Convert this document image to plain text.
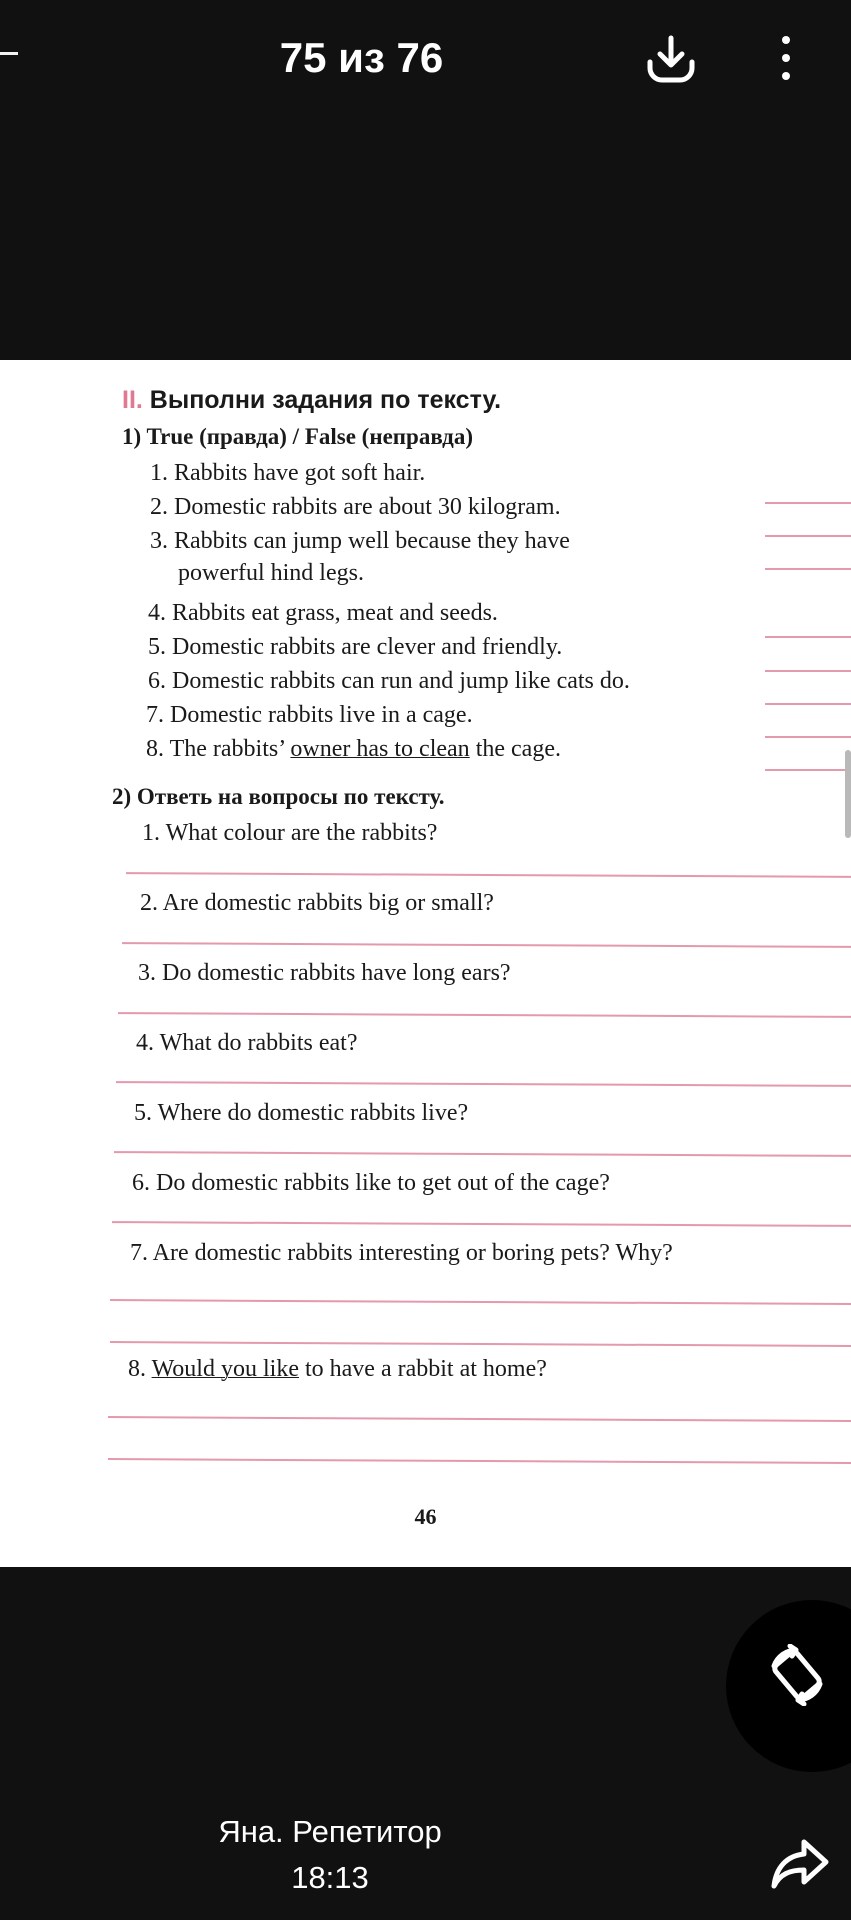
75 из 76
II. Выполни задания по тексту.
1) True (правда) / False (неправда)
1. Rabbits have got soft hair.
2. Domestic rabbits are about 30 kilogram.
3. Rabbits can jump well because they have
powerful hind legs.
4. Rabbits eat grass, meat and seeds.
5. Domestic rabbits are clever and friendly.
6. Domestic rabbits can run and jump like cats do.
7. Domestic rabbits live in a cage.
8. The rabbits’ owner has to clean the cage.
2) Ответь на вопросы по тексту.
1. What colour are the rabbits?
2. Are domestic rabbits big or small?
3. Do domestic rabbits have long ears?
4. What do rabbits eat?
5. Where do domestic rabbits live?
6. Do domestic rabbits like to get out of the cage?
7. Are domestic rabbits interesting or boring pets? Why?
8. Would you like to have a rabbit at home?
46
Яна. Репетитор
18:13
